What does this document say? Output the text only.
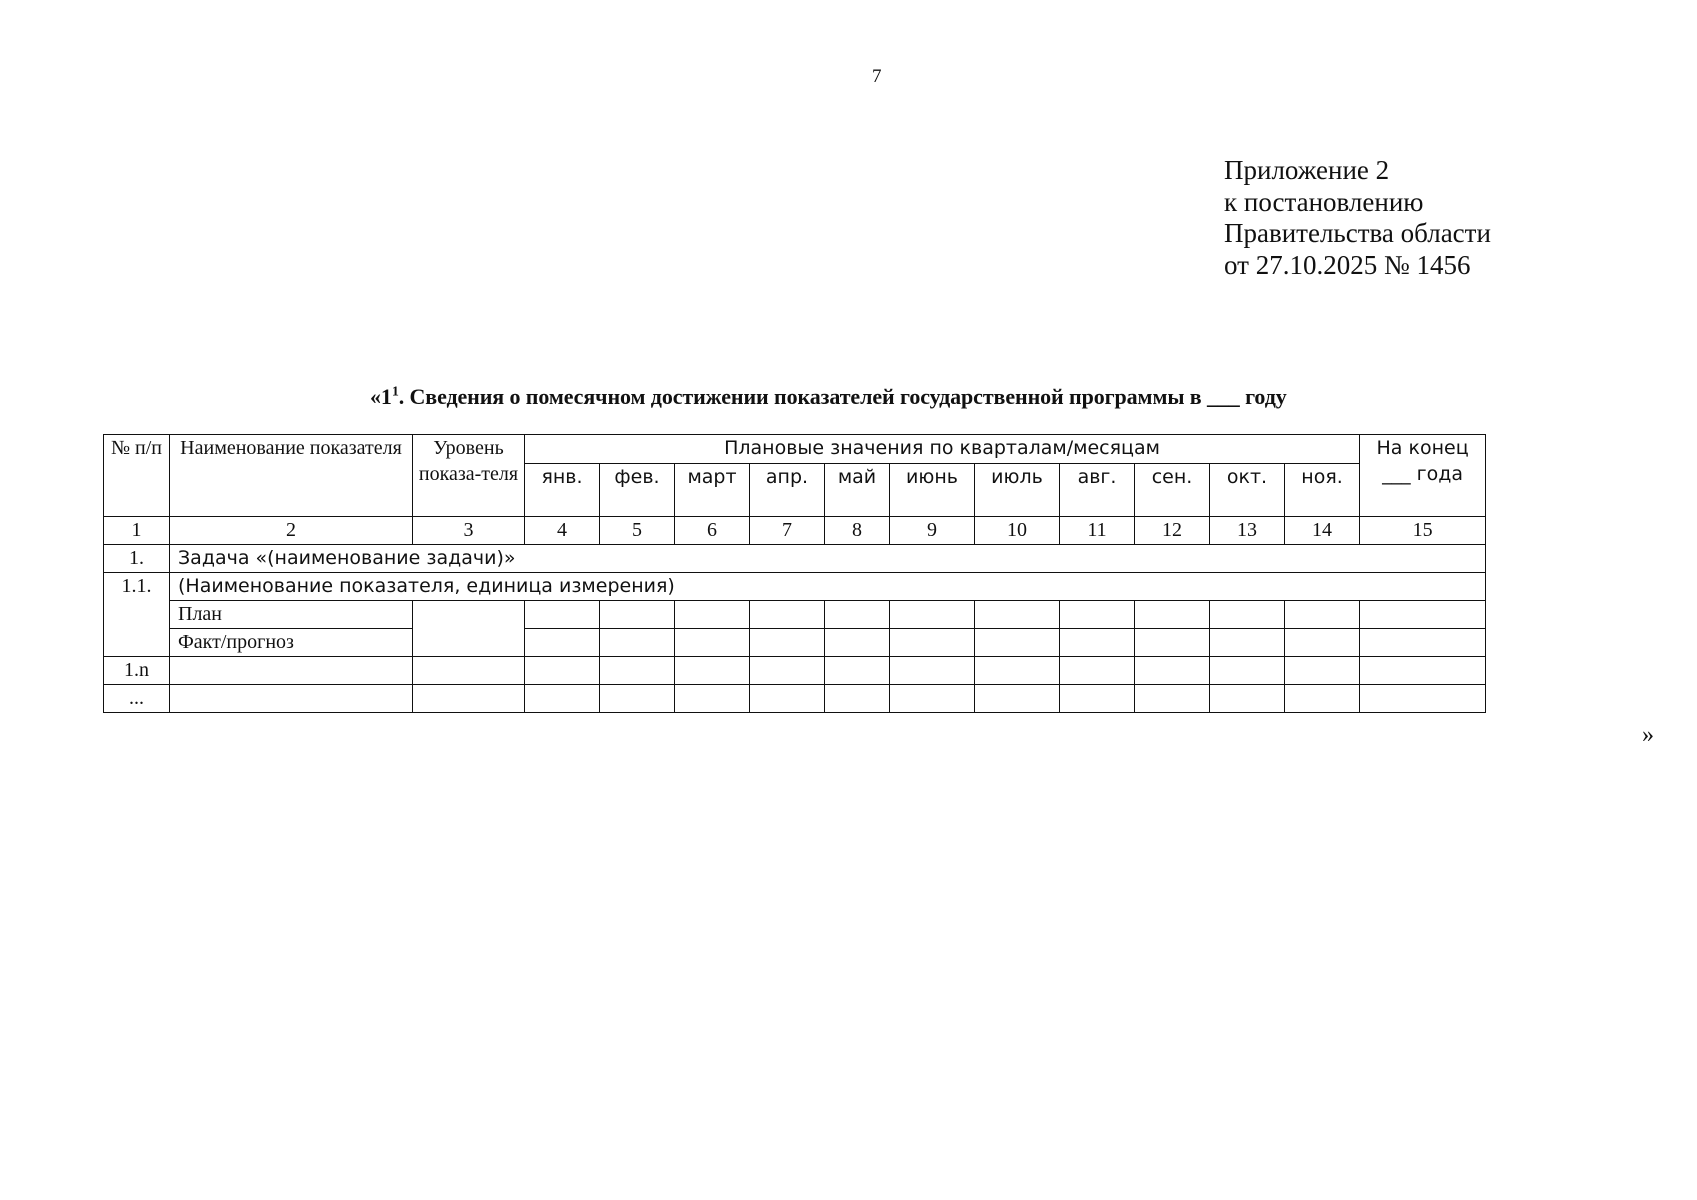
7
Приложение 2
к постановлению
Правительства области
от 27.10.2025 № 1456
«$1^1$. Сведения о помесячном достижении показателей государственной программы в ___ году
№ п/п	Наименование показателя	Уровень показа-теля	Плановые значения по кварталам/месяцам											На конец ___ года
			янв.	фев.	март	апр.	май	июнь	июль	авг.	сен.	окт.	ноя.	
1	2	3	4	5	6	7	8	9	10	11	12	13	14	15
1.	Задача «(наименование задачи)»													
1.1.	(Наименование показателя, единица измерения)													
	План													
	Факт/прогноз													
1.n														
...														
»
